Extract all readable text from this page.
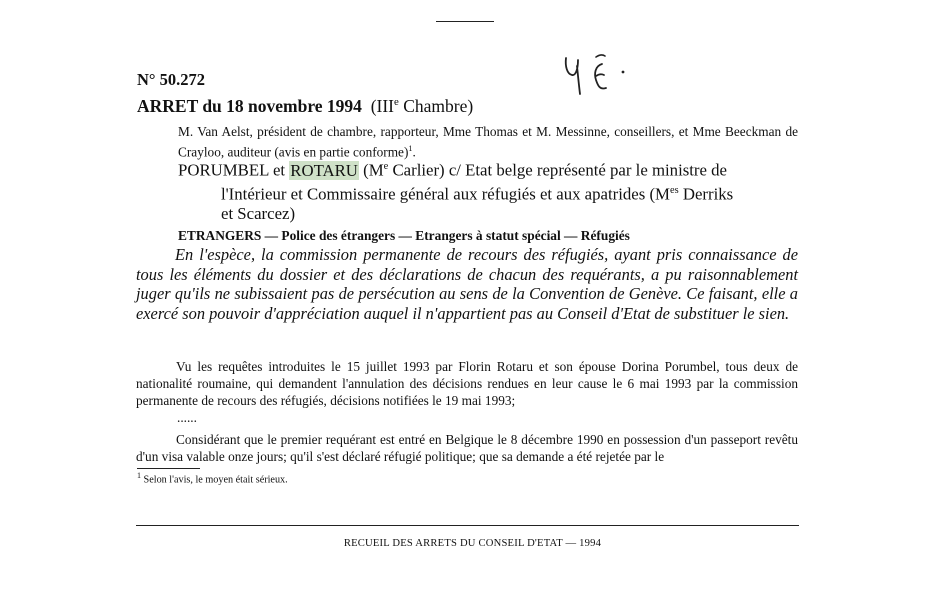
N° 50.272
ARRET du 18 novembre 1994 (IIIe Chambre)
M. Van Aelst, président de chambre, rapporteur, Mme Thomas et M. Messinne, conseillers, et Mme Beeckman de Crayloo, auditeur (avis en partie conforme)$^1$.
PORUMBEL et ROTARU (Me Carlier) c/ Etat belge représenté par le ministre de
l'Intérieur et Commissaire général aux réfugiés et aux apatrides ($M^{es}$ Derriks
et Scarcez)
ETRANGERS — Police des étrangers — Etrangers à statut spécial — Réfugiés
En l'espèce, la commission permanente de recours des réfugiés, ayant pris connaissance de tous les éléments du dossier et des déclarations de chacun des requérants, a pu raisonnablement juger qu'ils ne subissaient pas de persécution au sens de la Convention de Genève. Ce faisant, elle a exercé son pouvoir d'appréciation auquel il n'appartient pas au Conseil d'Etat de substituer le sien.
Vu les requêtes introduites le 15 juillet 1993 par Florin Rotaru et son épouse Dorina Porumbel, tous deux de nationalité roumaine, qui demandent l'annulation des décisions rendues en leur cause le 6 mai 1993 par la commission permanente de recours des réfugiés, décisions notifiées le 19 mai 1993;
......
Considérant que le premier requérant est entré en Belgique le 8 décembre 1990 en possession d'un passeport revêtu d'un visa valable onze jours; qu'il s'est déclaré réfugié politique; que sa demande a été rejetée par le
$^1$ Selon l'avis, le moyen était sérieux.
RECUEIL DES ARRETS DU CONSEIL D'ETAT — 1994
